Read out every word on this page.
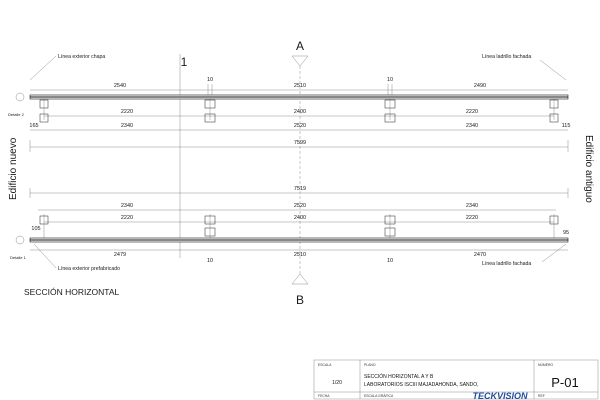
A
B
1
Edificio nuevo	Edificio antiguo
Línea exterior chapa	Línea ladrillo fachada
2540
10
2510
10
2490
Detalle 2	2220	2400	2220
165	2340	2520	2340	115
7599
7519
2340	2520	2340
2220	2400	2220
105
95
Detalle 1	2479	2510	2470
10	10
Línea exterior prefabricado
Línea ladrillo fachada
SECCIÓN HORIZONTAL
ESCALA
1/20
PLANO
SECCIÓN HORIZONTAL A Y B
LABORATORIOS ISCIII MAJADAHONDA, SANDO,
NÚMERO
P-01
FECHA	ESCALA GRÁFICA	REF
TECKVISION
